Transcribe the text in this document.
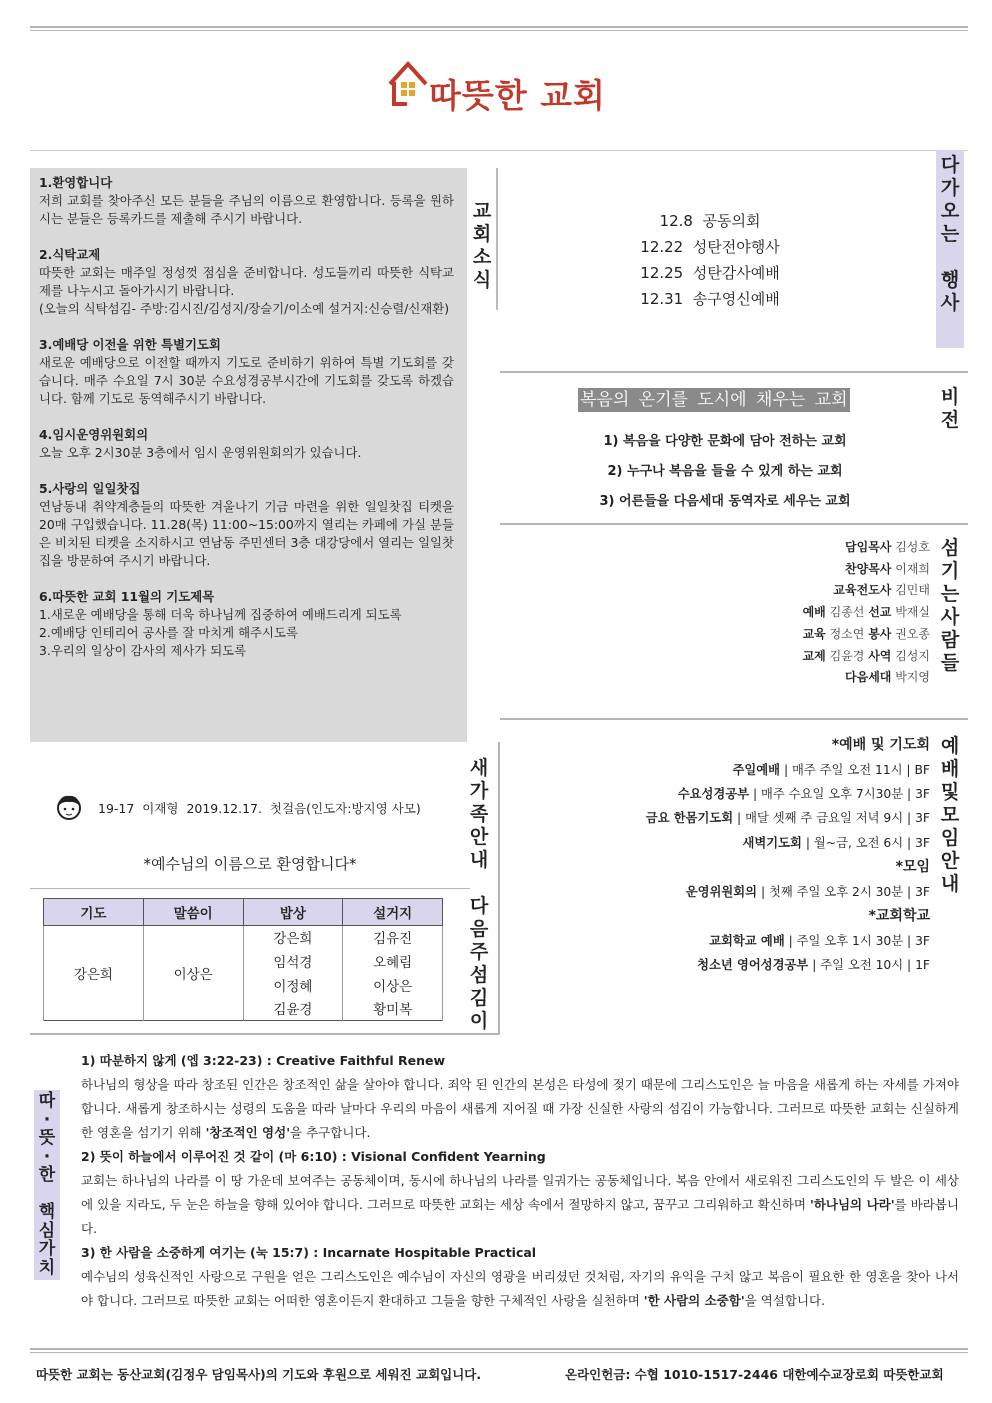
따뜻한 교회

1.환영합니다

저희 교회를 찾아주신 모든 분들을 주님의 이름으로 환영합니다. 등록을 원하시는 분들은 등록카드를 제출해 주시기 바랍니다.

2.식탁교제

따뜻한 교회는 매주일 정성껏 점심을 준비합니다. 성도들끼리 따뜻한 식탁교제를 나누시고 돌아가시기 바랍니다.
(오늘의 식탁섬김- 주방:김시진/김성지/장슬기/이소예 설거지:신승렬/신재환)

3.예배당 이전을 위한 특별기도회

새로운 예배당으로 이전할 때까지 기도로 준비하기 위하여 특별 기도회를 갖습니다. 매주 수요일 7시 30분 수요성경공부시간에 기도회를 갖도록 하겠습니다. 함께 기도로 동역해주시기 바랍니다.

4.임시운영위원회의

오늘 오후 2시30분 3층에서 임시 운영위원회의가 있습니다.

5.사랑의 일일찻집

연남동내 취약계층들의 따뜻한 겨울나기 기금 마련을 위한 일일찻집 티켓을 20매 구입했습니다. 11.28(목) 11:00~15:00까지 열리는 카페에 가실 분들은 비치된 티켓을 소지하시고 연남동 주민센터 3층 대강당에서 열리는 일일찻집을 방문하여 주시기 바랍니다.

6.따뜻한 교회 11월의 기도제목

1.새로운 예배당을 통해 더욱 하나님께 집중하여 예배드리게 되도록
2.예배당 인테리어 공사를 잘 마치게 해주시도록
3.우리의 일상이 감사의 제사가 되도록

교
회
소
식
12.8  공동의회
12.22  성탄전야행사
12.25  성탄감사예배
12.31  송구영신예배
다
가
오
는

행
사
복음의 온기를 도시에 채우는 교회
1) 복음을 다양한 문화에 담아 전하는 교회
2) 누구나 복음을 들을 수 있게 하는 교회
3) 어른들을 다음세대 동역자로 세우는 교회
비
전
담임목사 김성호
찬양목사 이재희
교육전도사 김민태
예배 김종선 선교 박재실
교육 정소연 봉사 권오종
교제 김윤경 사역 김성지
다음세대 박지영
섬
기
는
사
람
들
*예배 및 기도회
주일예배 | 매주 주일 오전 11시 | BF
수요성경공부 | 매주 수요일 오후 7시30분 | 3F
금요 한몸기도회 | 매달 셋째 주 금요일 저녁 9시 | 3F
새벽기도회 | 월~금, 오전 6시 | 3F
*모임
운영위원회의 | 첫째 주일 오후 2시 30분 | 3F
*교회학교
교회학교 예배 | 주일 오후 1시 30분 | 3F
청소년 영어성경공부 | 주일 오전 10시 | 1F
예
배
및
모
임
안
내
19-17  이재형  2019.12.17.  첫걸음(인도자:방지영 사모)
*예수님의 이름으로 환영합니다*
새
가
족
안
내
기도	말씀이	밥상	설거지
강은희	이상은	강은희	김유진
		임석경	오혜림
		이정혜	이상은
		김윤경	황미복
다
음
주
섬
김
이
따
·
뜻
·
한

핵
심
가
치

1) 따분하지 않게 (엡 3:22-23) : Creative Faithful Renew

하나님의 형상을 따라 창조된 인간은 창조적인 삶을 살아야 합니다. 죄악 된 인간의 본성은 타성에 젖기 때문에 그리스도인은 늘 마음을 새롭게 하는 자세를 가져야합니다. 새롭게 창조하시는 성령의 도움을 따라 날마다 우리의 마음이 새롭게 지어질 때 가장 신실한 사랑의 섬김이 가능합니다. 그러므로 따뜻한 교회는 신실하게 한 영혼을 섬기기 위해 '창조적인 영성'을 추구합니다.

2) 뜻이 하늘에서 이루어진 것 같이 (마 6:10) : Visional Confident Yearning

교회는 하나님의 나라를 이 땅 가운데 보여주는 공동체이며, 동시에 하나님의 나라를 일궈가는 공동체입니다. 복음 안에서 새로워진 그리스도인의 두 발은 이 세상에 있을 지라도, 두 눈은 하늘을 향해 있어야 합니다. 그러므로 따뜻한 교회는 세상 속에서 절망하지 않고, 꿈꾸고 그리워하고 확신하며 '하나님의 나라'를 바라봅니다.

3) 한 사람을 소중하게 여기는 (눅 15:7) : Incarnate Hospitable Practical

예수님의 성육신적인 사랑으로 구원을 얻은 그리스도인은 예수님이 자신의 영광을 버리셨던 것처럼, 자기의 유익을 구치 않고 복음이 필요한 한 영혼을 찾아 나서야 합니다. 그러므로 따뜻한 교회는 어떠한 영혼이든지 환대하고 그들을 향한 구체적인 사랑을 실천하며 '한 사람의 소중함'을 역설합니다.

따뜻한 교회는 동산교회(김정우 담임목사)의 기도와 후원으로 세워진 교회입니다.	온라인헌금: 수협 1010-1517-2446 대한예수교장로회 따뜻한교회
